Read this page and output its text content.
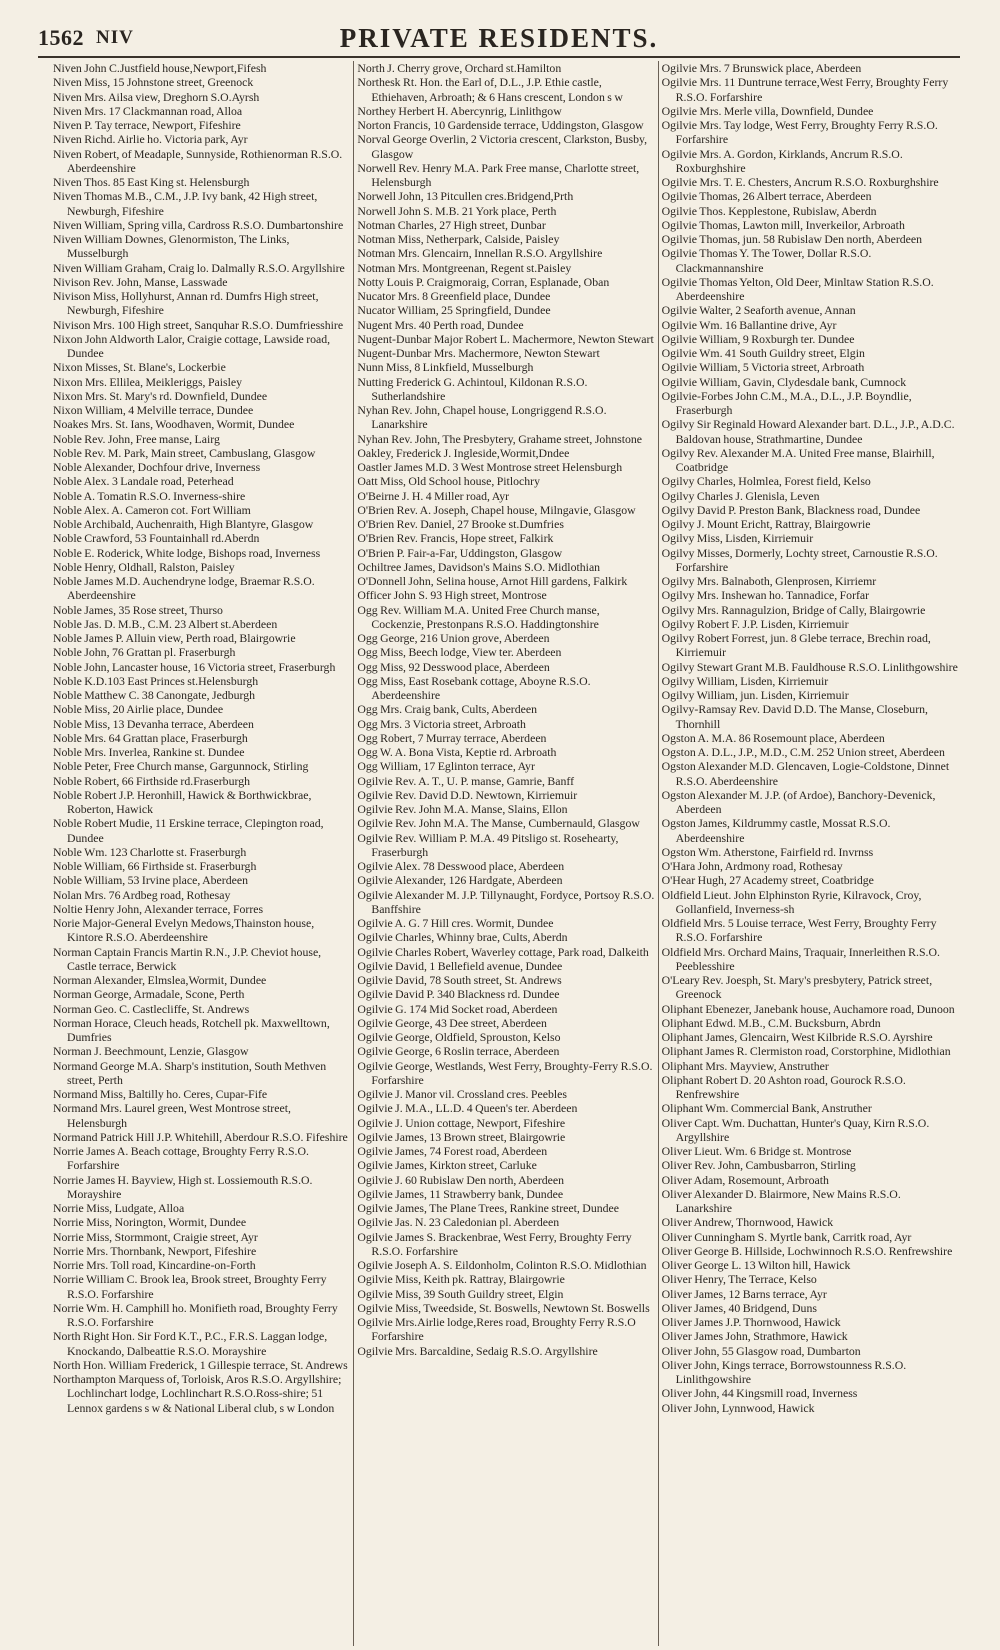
1562 NIV	PRIVATE RESIDENTS.
Niven John C.Justfield house,Newport,Fifesh
Niven Miss, 15 Johnstone street, Greenock
Niven Mrs. Ailsa view, Dreghorn S.O.Ayrsh
Niven Mrs. 17 Clackmannan road, Alloa
Niven P. Tay terrace, Newport, Fifeshire
Niven Richd. Airlie ho. Victoria park, Ayr
Niven Robert, of Meadaple, Sunnyside, Rothienorman R.S.O. Aberdeenshire
Niven Thos. 85 East King st. Helensburgh
Niven Thomas M.B., C.M., J.P. Ivy bank, 42 High street, Newburgh, Fifeshire
Niven William, Spring villa, Cardross R.S.O. Dumbartonshire
Niven William Downes, Glenormiston, The Links, Musselburgh
Niven William Graham, Craig lo. Dalmally R.S.O. Argyllshire
Nivison Rev. John, Manse, Lasswade
Nivison Miss, Hollyhurst, Annan rd. Dumfrs High street, Newburgh, Fifeshire
Nivison Mrs. 100 High street, Sanquhar R.S.O. Dumfriesshire
Nixon John Aldworth Lalor, Craigie cottage, Lawside road, Dundee
Nixon Misses, St. Blane's, Lockerbie
Nixon Mrs. Ellilea, Meikleriggs, Paisley
Nixon Mrs. St. Mary's rd. Downfield, Dundee
Nixon William, 4 Melville terrace, Dundee
Noakes Mrs. St. Ians, Woodhaven, Wormit, Dundee
Noble Rev. John, Free manse, Lairg
Noble Rev. M. Park, Main street, Cambuslang, Glasgow
Noble Alexander, Dochfour drive, Inverness
Noble Alex. 3 Landale road, Peterhead
Noble A. Tomatin R.S.O. Inverness-shire
Noble Alex. A. Cameron cot. Fort William
Noble Archibald, Auchenraith, High Blantyre, Glasgow
Noble Crawford, 53 Fountainhall rd.Aberdn
Noble E. Roderick, White lodge, Bishops road, Inverness
Noble Henry, Oldhall, Ralston, Paisley
Noble James M.D. Auchendryne lodge, Braemar R.S.O. Aberdeenshire
Noble James, 35 Rose street, Thurso
Noble Jas. D. M.B., C.M. 23 Albert st.Aberdeen
Noble James P. Alluin view, Perth road, Blairgowrie
Noble John, 76 Grattan pl. Fraserburgh
Noble John, Lancaster house, 16 Victoria street, Fraserburgh
Noble K.D.103 East Princes st.Helensburgh
Noble Matthew C. 38 Canongate, Jedburgh
Noble Miss, 20 Airlie place, Dundee
Noble Miss, 13 Devanha terrace, Aberdeen
Noble Mrs. 64 Grattan place, Fraserburgh
Noble Mrs. Inverlea, Rankine st. Dundee
Noble Peter, Free Church manse, Gargunnock, Stirling
Noble Robert, 66 Firthside rd.Fraserburgh
Noble Robert J.P. Heronhill, Hawick & Borthwickbrae, Roberton, Hawick
Noble Robert Mudie, 11 Erskine terrace, Clepington road, Dundee
Noble Wm. 123 Charlotte st. Fraserburgh
Noble William, 66 Firthside st. Fraserburgh
Noble William, 53 Irvine place, Aberdeen
Nolan Mrs. 76 Ardbeg road, Rothesay
Noltie Henry John, Alexander terrace, Forres
Norie Major-General Evelyn Medows,Thainston house, Kintore R.S.O. Aberdeenshire
Norman Captain Francis Martin R.N., J.P. Cheviot house, Castle terrace, Berwick
Norman Alexander, Elmslea,Wormit, Dundee
Norman George, Armadale, Scone, Perth
Norman Geo. C. Castlecliffe, St. Andrews
Norman Horace, Cleuch heads, Rotchell pk. Maxwelltown, Dumfries
Norman J. Beechmount, Lenzie, Glasgow
Normand George M.A. Sharp's institution, South Methven street, Perth
Normand Miss, Baltilly ho. Ceres, Cupar-Fife
Normand Mrs. Laurel green, West Montrose street, Helensburgh
Normand Patrick Hill J.P. Whitehill, Aberdour R.S.O. Fifeshire
Norrie James A. Beach cottage, Broughty Ferry R.S.O. Forfarshire
Norrie James H. Bayview, High st. Lossiemouth R.S.O. Morayshire
Norrie Miss, Ludgate, Alloa
Norrie Miss, Norington, Wormit, Dundee
Norrie Miss, Stormmont, Craigie street, Ayr
Norrie Mrs. Thornbank, Newport, Fifeshire
Norrie Mrs. Toll road, Kincardine-on-Forth
Norrie William C. Brook lea, Brook street, Broughty Ferry R.S.O. Forfarshire
Norrie Wm. H. Camphill ho. Monifieth road, Broughty Ferry R.S.O. Forfarshire
North Right Hon. Sir Ford K.T., P.C., F.R.S. Laggan lodge, Knockando, Dalbeattie R.S.O. Morayshire
North Hon. William Frederick, 1 Gillespie terrace, St. Andrews
Northampton Marquess of, Torloisk, Aros R.S.O. Argyllshire; Lochlinchart lodge, Lochlinchart R.S.O.Ross-shire; 51 Lennox gardens s w & National Liberal club, s w London
North J. Cherry grove, Orchard st.Hamilton
Northesk Rt. Hon. the Earl of, D.L., J.P. Ethie castle, Ethiehaven, Arbroath; & 6 Hans crescent, London s w
Northey Herbert H. Abercynrig, Linlithgow
Norton Francis, 10 Gardenside terrace, Uddingston, Glasgow
Norval George Overlin, 2 Victoria crescent, Clarkston, Busby, Glasgow
Norwell Rev. Henry M.A. Park Free manse, Charlotte street, Helensburgh
Norwell John, 13 Pitcullen cres.Bridgend,Prth
Norwell John S. M.B. 21 York place, Perth
Notman Charles, 27 High street, Dunbar
Notman Miss, Netherpark, Calside, Paisley
Notman Mrs. Glencairn, Innellan R.S.O. Argyllshire
Notman Mrs. Montgreenan, Regent st.Paisley
Notty Louis P. Craigmoraig, Corran, Esplanade, Oban
Nucator Mrs. 8 Greenfield place, Dundee
Nucator William, 25 Springfield, Dundee
Nugent Mrs. 40 Perth road, Dundee
Nugent-Dunbar Major Robert L. Machermore, Newton Stewart
Nugent-Dunbar Mrs. Machermore, Newton Stewart
Nunn Miss, 8 Linkfield, Musselburgh
Nutting Frederick G. Achintoul, Kildonan R.S.O. Sutherlandshire
Nyhan Rev. John, Chapel house, Longriggend R.S.O. Lanarkshire
Nyhan Rev. John, The Presbytery, Grahame street, Johnstone
Oakley, Frederick J. Ingleside,Wormit,Dndee
Oastler James M.D. 3 West Montrose street Helensburgh
Oatt Miss, Old School house, Pitlochry
O'Beirne J. H. 4 Miller road, Ayr
O'Brien Rev. A. Joseph, Chapel house, Milngavie, Glasgow
O'Brien Rev. Daniel, 27 Brooke st.Dumfries
O'Brien Rev. Francis, Hope street, Falkirk
O'Brien P. Fair-a-Far, Uddingston, Glasgow
Ochiltree James, Davidson's Mains S.O. Midlothian
O'Donnell John, Selina house, Arnot Hill gardens, Falkirk
Officer John S. 93 High street, Montrose
Ogg Rev. William M.A. United Free Church manse, Cockenzie, Prestonpans R.S.O. Haddingtonshire
Ogg George, 216 Union grove, Aberdeen
Ogg Miss, Beech lodge, View ter. Aberdeen
Ogg Miss, 92 Desswood place, Aberdeen
Ogg Miss, East Rosebank cottage, Aboyne R.S.O. Aberdeenshire
Ogg Mrs. Craig bank, Cults, Aberdeen
Ogg Mrs. 3 Victoria street, Arbroath
Ogg Robert, 7 Murray terrace, Aberdeen
Ogg W. A. Bona Vista, Keptie rd. Arbroath
Ogg William, 17 Eglinton terrace, Ayr
Ogilvie Rev. A. T., U. P. manse, Gamrie, Banff
Ogilvie Rev. David D.D. Newtown, Kirriemuir
Ogilvie Rev. John M.A. Manse, Slains, Ellon
Ogilvie Rev. John M.A. The Manse, Cumbernauld, Glasgow
Ogilvie Rev. William P. M.A. 49 Pitsligo st. Rosehearty, Fraserburgh
Ogilvie Alex. 78 Desswood place, Aberdeen
Ogilvie Alexander, 126 Hardgate, Aberdeen
Ogilvie Alexander M. J.P. Tillynaught, Fordyce, Portsoy R.S.O. Banffshire
Ogilvie A. G. 7 Hill cres. Wormit, Dundee
Ogilvie Charles, Whinny brae, Cults, Aberdn
Ogilvie Charles Robert, Waverley cottage, Park road, Dalkeith
Ogilvie David, 1 Bellefield avenue, Dundee
Ogilvie David, 78 South street, St. Andrews
Ogilvie David P. 340 Blackness rd. Dundee
Ogilvie G. 174 Mid Socket road, Aberdeen
Ogilvie George, 43 Dee street, Aberdeen
Ogilvie George, Oldfield, Sprouston, Kelso
Ogilvie George, 6 Roslin terrace, Aberdeen
Ogilvie George, Westlands, West Ferry, Broughty-Ferry R.S.O. Forfarshire
Ogilvie J. Manor vil. Crossland cres. Peebles
Ogilvie J. M.A., LL.D. 4 Queen's ter. Aberdeen
Ogilvie J. Union cottage, Newport, Fifeshire
Ogilvie James, 13 Brown street, Blairgowrie
Ogilvie James, 74 Forest road, Aberdeen
Ogilvie James, Kirkton street, Carluke
Ogilvie J. 60 Rubislaw Den north, Aberdeen
Ogilvie James, 11 Strawberry bank, Dundee
Ogilvie James, The Plane Trees, Rankine street, Dundee
Ogilvie Jas. N. 23 Caledonian pl. Aberdeen
Ogilvie James S. Brackenbrae, West Ferry, Broughty Ferry R.S.O. Forfarshire
Ogilvie Joseph A. S. Eildonholm, Colinton R.S.O. Midlothian
Ogilvie Miss, Keith pk. Rattray, Blairgowrie
Ogilvie Miss, 39 South Guildry street, Elgin
Ogilvie Miss, Tweedside, St. Boswells, Newtown St. Boswells
Ogilvie Mrs.Airlie lodge,Reres road, Broughty Ferry R.S.O Forfarshire
Ogilvie Mrs. Barcaldine, Sedaig R.S.O. Argyllshire
Ogilvie Mrs. 7 Brunswick place, Aberdeen
Ogilvie Mrs. 11 Duntrune terrace,West Ferry, Broughty Ferry R.S.O. Forfarshire
Ogilvie Mrs. Merle villa, Downfield, Dundee
Ogilvie Mrs. Tay lodge, West Ferry, Broughty Ferry R.S.O. Forfarshire
Ogilvie Mrs. A. Gordon, Kirklands, Ancrum R.S.O. Roxburghshire
Ogilvie Mrs. T. E. Chesters, Ancrum R.S.O. Roxburghshire
Ogilvie Thomas, 26 Albert terrace, Aberdeen
Ogilvie Thos. Kepplestone, Rubislaw, Aberdn
Ogilvie Thomas, Lawton mill, Inverkeilor, Arbroath
Ogilvie Thomas, jun. 58 Rubislaw Den north, Aberdeen
Ogilvie Thomas Y. The Tower, Dollar R.S.O. Clackmannanshire
Ogilvie Thomas Yelton, Old Deer, Minltaw Station R.S.O. Aberdeenshire
Ogilvie Walter, 2 Seaforth avenue, Annan
Ogilvie Wm. 16 Ballantine drive, Ayr
Ogilvie William, 9 Roxburgh ter. Dundee
Ogilvie Wm. 41 South Guildry street, Elgin
Ogilvie William, 5 Victoria street, Arbroath
Ogilvie William, Gavin, Clydesdale bank, Cumnock
Ogilvie-Forbes John C.M., M.A., D.L., J.P. Boyndlie, Fraserburgh
Ogilvy Sir Reginald Howard Alexander bart. D.L., J.P., A.D.C. Baldovan house, Strathmartine, Dundee
Ogilvy Rev. Alexander M.A. United Free manse, Blairhill, Coatbridge
Ogilvy Charles, Holmlea, Forest field, Kelso
Ogilvy Charles J. Glenisla, Leven
Ogilvy David P. Preston Bank, Blackness road, Dundee
Ogilvy J. Mount Ericht, Rattray, Blairgowrie
Ogilvy Miss, Lisden, Kirriemuir
Ogilvy Misses, Dormerly, Lochty street, Carnoustie R.S.O. Forfarshire
Ogilvy Mrs. Balnaboth, Glenprosen, Kirriemr
Ogilvy Mrs. Inshewan ho. Tannadice, Forfar
Ogilvy Mrs. Rannagulzion, Bridge of Cally, Blairgowrie
Ogilvy Robert F. J.P. Lisden, Kirriemuir
Ogilvy Robert Forrest, jun. 8 Glebe terrace, Brechin road, Kirriemuir
Ogilvy Stewart Grant M.B. Fauldhouse R.S.O. Linlithgowshire
Ogilvy William, Lisden, Kirriemuir
Ogilvy William, jun. Lisden, Kirriemuir
Ogilvy-Ramsay Rev. David D.D. The Manse, Closeburn, Thornhill
Ogston A. M.A. 86 Rosemount place, Aberdeen
Ogston A. D.L., J.P., M.D., C.M. 252 Union street, Aberdeen
Ogston Alexander M.D. Glencaven, Logie-Coldstone, Dinnet R.S.O. Aberdeenshire
Ogston Alexander M. J.P. (of Ardoe), Banchory-Devenick, Aberdeen
Ogston James, Kildrummy castle, Mossat R.S.O. Aberdeenshire
Ogston Wm. Atherstone, Fairfield rd. Invrnss
O'Hara John, Ardmony road, Rothesay
O'Hear Hugh, 27 Academy street, Coatbridge
Oldfield Lieut. John Elphinston Ryrie, Kilravock, Croy, Gollanfield, Inverness-sh
Oldfield Mrs. 5 Louise terrace, West Ferry, Broughty Ferry R.S.O. Forfarshire
Oldfield Mrs. Orchard Mains, Traquair, Innerleithen R.S.O. Peeblesshire
O'Leary Rev. Joesph, St. Mary's presbytery, Patrick street, Greenock
Oliphant Ebenezer, Janebank house, Auchamore road, Dunoon
Oliphant Edwd. M.B., C.M. Bucksburn, Abrdn
Oliphant James, Glencairn, West Kilbride R.S.O. Ayrshire
Oliphant James R. Clermiston road, Corstorphine, Midlothian
Oliphant Mrs. Mayview, Anstruther
Oliphant Robert D. 20 Ashton road, Gourock R.S.O. Renfrewshire
Oliphant Wm. Commercial Bank, Anstruther
Oliver Capt. Wm. Duchattan, Hunter's Quay, Kirn R.S.O. Argyllshire
Oliver Lieut. Wm. 6 Bridge st. Montrose
Oliver Rev. John, Cambusbarron, Stirling
Oliver Adam, Rosemount, Arbroath
Oliver Alexander D. Blairmore, New Mains R.S.O. Lanarkshire
Oliver Andrew, Thornwood, Hawick
Oliver Cunningham S. Myrtle bank, Carritk road, Ayr
Oliver George B. Hillside, Lochwinnoch R.S.O. Renfrewshire
Oliver George L. 13 Wilton hill, Hawick
Oliver Henry, The Terrace, Kelso
Oliver James, 12 Barns terrace, Ayr
Oliver James, 40 Bridgend, Duns
Oliver James J.P. Thornwood, Hawick
Oliver James John, Strathmore, Hawick
Oliver John, 55 Glasgow road, Dumbarton
Oliver John, Kings terrace, Borrowstounness R.S.O. Linlithgowshire
Oliver John, 44 Kingsmill road, Inverness
Oliver John, Lynnwood, Hawick
